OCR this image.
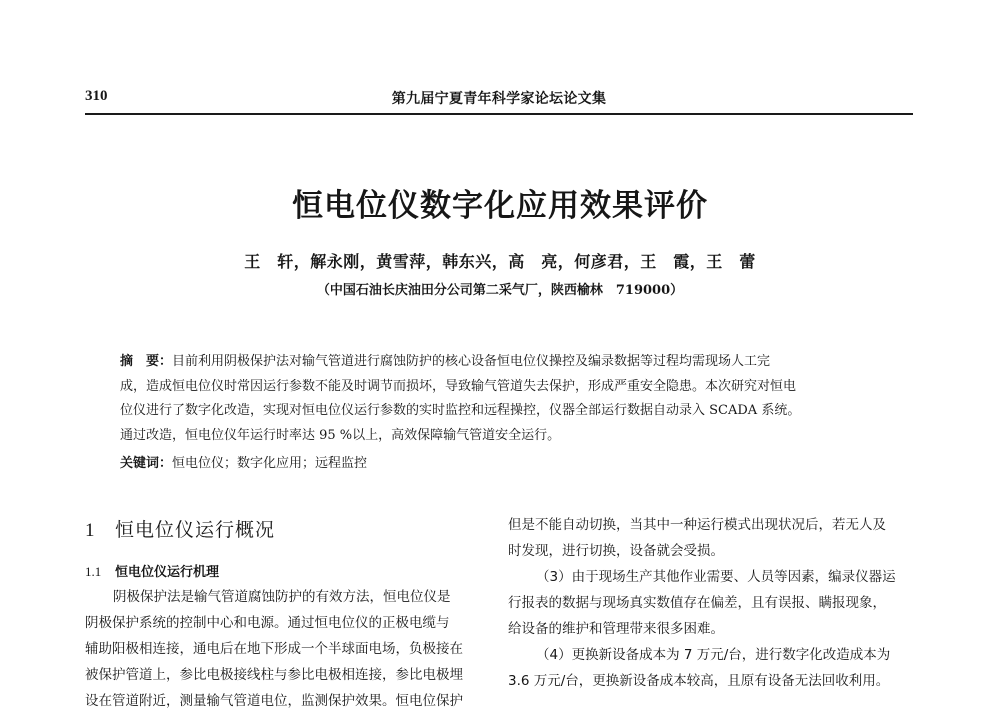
310	第九届宁夏青年科学家论坛论文集
恒电位仪数字化应用效果评价
王　轩，解永刚，黄雪萍，韩东兴，高　亮，何彦君，王　霞，王　蕾
（中国石油长庆油田分公司第二采气厂，陕西榆林　719000）
摘　要：目前利用阴极保护法对输气管道进行腐蚀防护的核心设备恒电位仪操控及编录数据等过程均需现场人工完
成，造成恒电位仪时常因运行参数不能及时调节而损坏，导致输气管道失去保护，形成严重安全隐患。本次研究对恒电
位仪进行了数字化改造，实现对恒电位仪运行参数的实时监控和远程操控，仪器全部运行数据自动录入 SCADA 系统。
通过改造，恒电位仪年运行时率达 95 %以上，高效保障输气管道安全运行。
关键词：恒电位仪；数字化应用；远程监控
1 恒电位仪运行概况
1.1 恒电位仪运行机理

阴极保护法是输气管道腐蚀防护的有效方法，恒电位仪是
阴极保护系统的控制中心和电源。通过恒电位仪的正极电缆与
辅助阳极相连接，通电后在地下形成一个半球面电场，负极接在
被保护管道上，参比电极接线柱与参比电极相连接，参比电极埋
设在管道附近，测量输气管道电位，监测保护效果。恒电位保护

但是不能自动切换，当其中一种运行模式出现状况后，若无人及
时发现，进行切换，设备就会受损。
（3）由于现场生产其他作业需要、人员等因素，编录仪器运
行报表的数据与现场真实数值存在偏差，且有误报、瞒报现象，
给设备的维护和管理带来很多困难。
（4）更换新设备成本为 7 万元/台，进行数字化改造成本为
3.6 万元/台，更换新设备成本较高，且原有设备无法回收利用。
